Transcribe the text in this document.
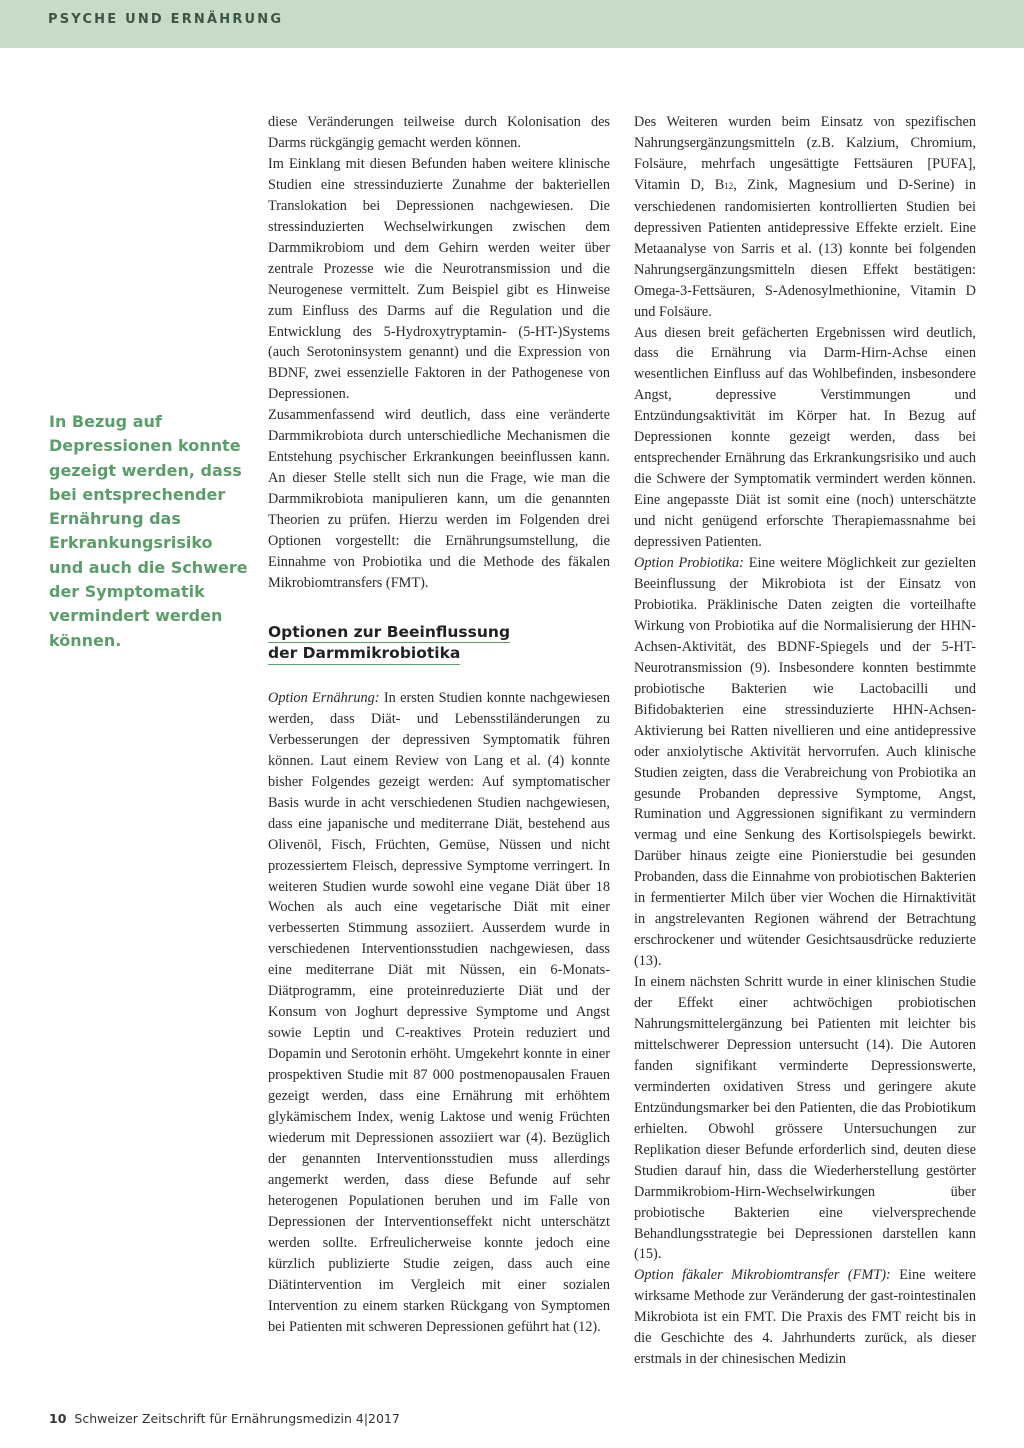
PSYCHE UND ERNÄHRUNG
In Bezug auf Depressionen konnte gezeigt werden, dass bei entsprechender Ernährung das Erkrankungsrisiko und auch die Schwere der Symptomatik vermindert werden können.

diese Veränderungen teilweise durch Kolonisation des Darms rückgängig gemacht werden können.

Im Einklang mit diesen Befunden haben weitere klinische Studien eine stressinduzierte Zunahme der bakteriellen Translokation bei Depressionen nachgewiesen. Die stressinduzierten Wechselwirkungen zwischen dem Darmmikrobiom und dem Gehirn werden weiter über zentrale Prozesse wie die Neurotransmission und die Neurogenese vermittelt. Zum Beispiel gibt es Hinweise zum Einfluss des Darms auf die Regulation und die Entwicklung des 5-Hydroxytryptamin- (5-HT-)Systems (auch Serotoninsystem genannt) und die Expression von BDNF, zwei essenzielle Faktoren in der Pathogenese von Depressionen.

Zusammenfassend wird deutlich, dass eine veränderte Darmmikrobiota durch unterschiedliche Mechanismen die Entstehung psychischer Erkrankungen beeinflussen kann. An dieser Stelle stellt sich nun die Frage, wie man die Darmmikrobiota manipulieren kann, um die genannten Theorien zu prüfen. Hierzu werden im Folgenden drei Optionen vorgestellt: die Ernährungsumstellung, die Einnahme von Probiotika und die Methode des fäkalen Mikrobiomtransfers (FMT).

Optionen zur Beeinflussung
der Darmmikrobiotika

Option Ernährung: In ersten Studien konnte nachgewiesen werden, dass Diät- und Lebensstiländerungen zu Verbesserungen der depressiven Symptomatik führen können. Laut einem Review von Lang et al. (4) konnte bisher Folgendes gezeigt werden: Auf symptomatischer Basis wurde in acht verschiedenen Studien nachgewiesen, dass eine japanische und mediterrane Diät, bestehend aus Olivenöl, Fisch, Früchten, Gemüse, Nüssen und nicht prozessiertem Fleisch, depressive Symptome verringert. In weiteren Studien wurde sowohl eine vegane Diät über 18 Wochen als auch eine vegetarische Diät mit einer verbesserten Stimmung assoziiert. Ausserdem wurde in verschiedenen Interventionsstudien nachgewiesen, dass eine mediterrane Diät mit Nüssen, ein 6-Monats-Diätprogramm, eine proteinreduzierte Diät und der Konsum von Joghurt depressive Symptome und Angst sowie Leptin und C-reaktives Protein reduziert und Dopamin und Serotonin erhöht. Umgekehrt konnte in einer prospektiven Studie mit 87 000 postmenopausalen Frauen gezeigt werden, dass eine Ernährung mit erhöhtem glykämischem Index, wenig Laktose und wenig Früchten wiederum mit Depressionen assoziiert war (4). Bezüglich der genannten Interventionsstudien muss allerdings angemerkt werden, dass diese Befunde auf sehr heterogenen Populationen beruhen und im Falle von Depressionen der Interventionseffekt nicht unterschätzt werden sollte. Erfreulicherweise konnte jedoch eine kürzlich publizierte Studie zeigen, dass auch eine Diätintervention im Vergleich mit einer sozialen Intervention zu einem starken Rückgang von Symptomen bei Patienten mit schweren Depressionen geführt hat (12).

Des Weiteren wurden beim Einsatz von spezifischen Nahrungsergänzungsmitteln (z.B. Kalzium, Chromium, Folsäure, mehrfach ungesättigte Fettsäuren [PUFA], Vitamin D, B12, Zink, Magnesium und D-Serine) in verschiedenen randomisierten kontrollierten Studien bei depressiven Patienten antidepressive Effekte erzielt. Eine Metaanalyse von Sarris et al. (13) konnte bei folgenden Nahrungsergänzungsmitteln diesen Effekt bestätigen: Omega-3-Fettsäuren, S-Adenosylmethionine, Vitamin D und Folsäure.

Aus diesen breit gefächerten Ergebnissen wird deutlich, dass die Ernährung via Darm-Hirn-Achse einen wesentlichen Einfluss auf das Wohlbefinden, insbesondere Angst, depressive Verstimmungen und Entzündungsaktivität im Körper hat. In Bezug auf Depressionen konnte gezeigt werden, dass bei entsprechender Ernährung das Erkrankungsrisiko und auch die Schwere der Symptomatik vermindert werden können. Eine angepasste Diät ist somit eine (noch) unterschätzte und nicht genügend erforschte Therapiemassnahme bei depressiven Patienten.

Option Probiotika: Eine weitere Möglichkeit zur gezielten Beeinflussung der Mikrobiota ist der Einsatz von Probiotika. Präklinische Daten zeigten die vorteilhafte Wirkung von Probiotika auf die Normalisierung der HHN-Achsen-Aktivität, des BDNF-Spiegels und der 5-HT-Neurotransmission (9). Insbesondere konnten bestimmte probiotische Bakterien wie Lactobacilli und Bifidobakterien eine stressinduzierte HHN-Achsen-Aktivierung bei Ratten nivellieren und eine antidepressive oder anxiolytische Aktivität hervorrufen. Auch klinische Studien zeigten, dass die Verabreichung von Probiotika an gesunde Probanden depressive Symptome, Angst, Rumination und Aggressionen signifikant zu vermindern vermag und eine Senkung des Kortisolspiegels bewirkt. Darüber hinaus zeigte eine Pionierstudie bei gesunden Probanden, dass die Einnahme von probiotischen Bakterien in fermentierter Milch über vier Wochen die Hirnaktivität in angstrelevanten Regionen während der Betrachtung erschrockener und wütender Gesichtsausdrücke reduzierte (13).

In einem nächsten Schritt wurde in einer klinischen Studie der Effekt einer achtwöchigen probiotischen Nahrungsmittelergänzung bei Patienten mit leichter bis mittelschwerer Depression untersucht (14). Die Autoren fanden signifikant verminderte Depressionswerte, verminderten oxidativen Stress und geringere akute Entzündungsmarker bei den Patienten, die das Probiotikum erhielten. Obwohl grössere Untersuchungen zur Replikation dieser Befunde erforderlich sind, deuten diese Studien darauf hin, dass die Wiederherstellung gestörter Darmmikrobiom-Hirn-Wechselwirkungen über probiotische Bakterien eine vielversprechende Behandlungsstrategie bei Depressionen darstellen kann (15).

Option fäkaler Mikrobiomtransfer (FMT): Eine weitere wirksame Methode zur Veränderung der gast-rointestinalen Mikrobiota ist ein FMT. Die Praxis des FMT reicht bis in die Geschichte des 4. Jahrhunderts zurück, als dieser erstmals in der chinesischen Medizin

10 Schweizer Zeitschrift für Ernährungsmedizin 4|2017
